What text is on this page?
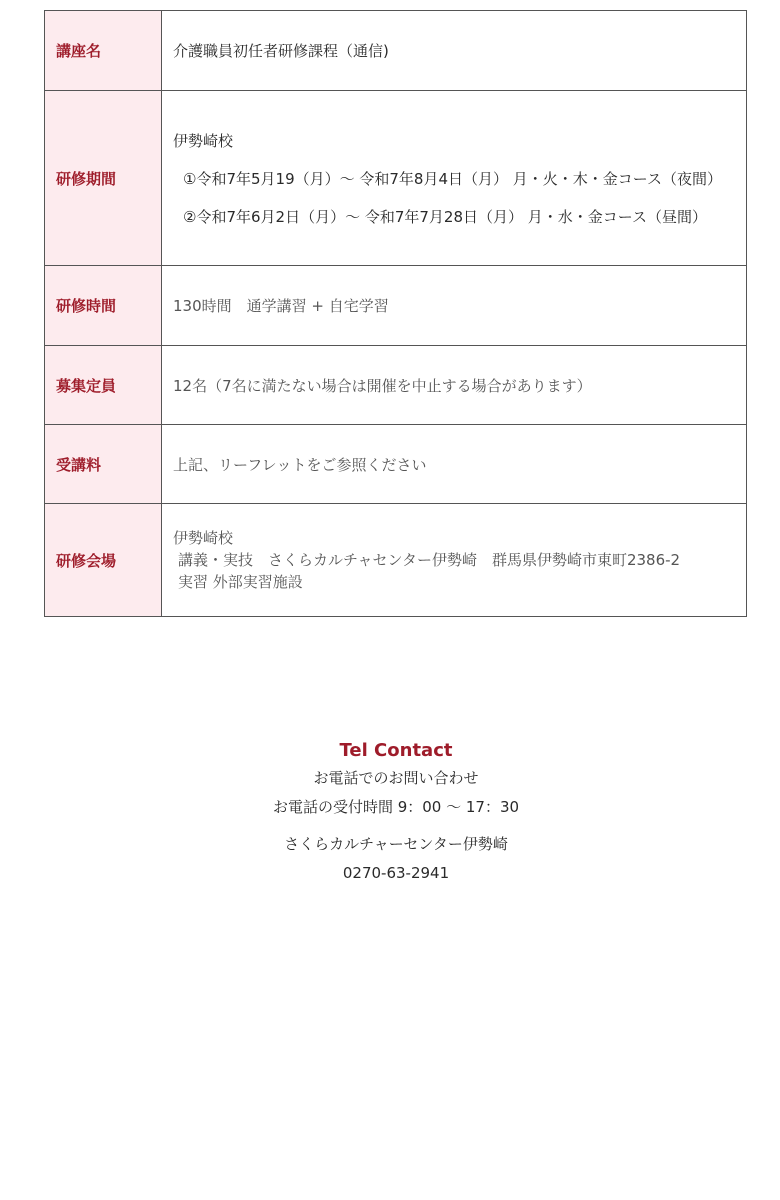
講座名	介護職員初任者研修課程（通信)
研修期間	伊勢崎校
①令和7年5月19（月）～ 令和7年8月4日（月） 月・火・木・金コース（夜間）
②令和7年6月2日（月）～ 令和7年7月28日（月） 月・水・金コース（昼間）

研修時間	130時間　通学講習 + 自宅学習
募集定員	12名（7名に満たない場合は開催を中止する場合があります）
受講料	上記、リーフレットをご参照ください
研修会場	伊勢崎校
講義・実技　さくらカルチャセンター伊勢崎　群馬県伊勢崎市東町2386-2
実習 外部実習施設
Tel Contact
お電話でのお問い合わせ
お電話の受付時間 9：00 ～ 17：30
さくらカルチャーセンター伊勢崎
0270-63-2941
